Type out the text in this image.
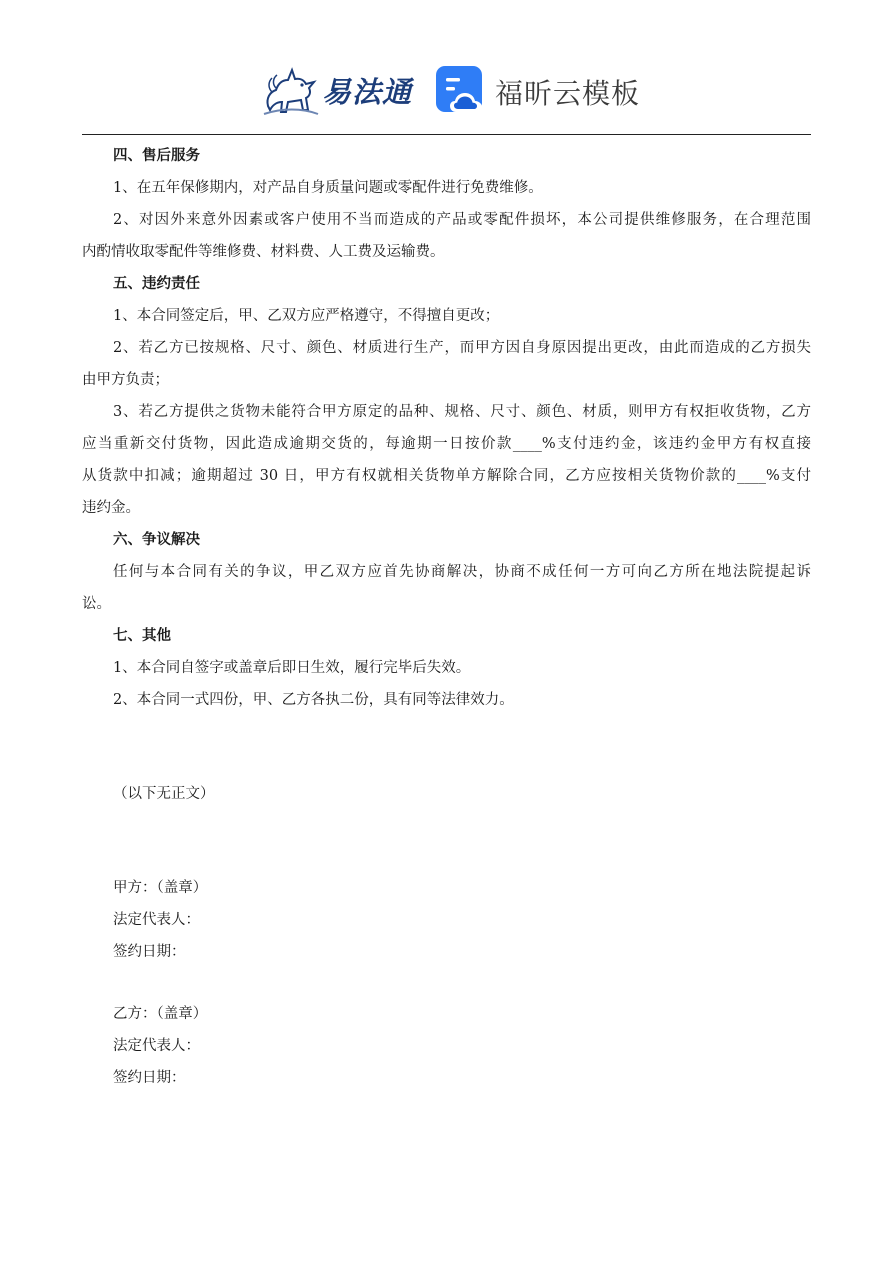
易法通	福昕云模板
四、售后服务
1、在五年保修期内，对产品自身质量问题或零配件进行免费维修。
2、对因外来意外因素或客户使用不当而造成的产品或零配件损坏，本公司提供维修服务，在合理范围
内酌情收取零配件等维修费、材料费、人工费及运输费。
五、违约责任
1、本合同签定后，甲、乙双方应严格遵守，不得擅自更改；
2、若乙方已按规格、尺寸、颜色、材质进行生产，而甲方因自身原因提出更改，由此而造成的乙方损失
由甲方负责；
3、若乙方提供之货物未能符合甲方原定的品种、规格、尺寸、颜色、材质，则甲方有权拒收货物，乙方
应当重新交付货物，因此造成逾期交货的，每逾期一日按价款____%支付违约金，该违约金甲方有权直接
从货款中扣减；逾期超过 30 日，甲方有权就相关货物单方解除合同，乙方应按相关货物价款的____%支付
违约金。
六、争议解决
任何与本合同有关的争议，甲乙双方应首先协商解决，协商不成任何一方可向乙方所在地法院提起诉
讼。
七、其他
1、本合同自签字或盖章后即日生效，履行完毕后失效。
2、本合同一式四份，甲、乙方各执二份，具有同等法律效力。
（以下无正文）
甲方：（盖章）
法定代表人：
签约日期：
乙方：（盖章）
法定代表人：
签约日期：
